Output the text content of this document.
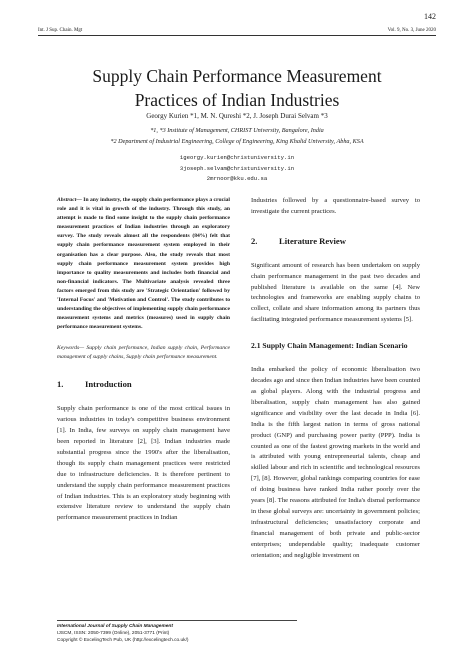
142
Int. J Sup. Chain. Mgt	Vol. 9, No. 3, June 2020
Supply Chain Performance Measurement
Practices of Indian Industries
Georgy Kurien *1, M. N. Qureshi *2, J. Joseph Durai Selvam *3
*1, *3 Institute of Management, CHRIST University, Bangalore, India
*2 Department of Industrial Engineering, College of Engineering, King Khalid University, Abha, KSA
1georgy.kurien@christuniversity.in
3joseph.selvam@christuniversity.in
2mrnoor@kku.edu.sa

Abstract— In any industry, the supply chain performance plays a crucial role and it is vital in growth of the industry. Through this study, an attempt is made to find some insight to the supply chain performance measurement practices of Indian industries through an exploratory survey. The study reveals almost all the respondents (84%) felt that supply chain performance measurement system employed in their organisation has a clear purpose. Also, the study reveals that most supply chain performance measurement system provides high importance to quality measurements and includes both financial and non-financial indicators. The Multivariate analysis revealed three factors emerged from this study are 'Strategic Orientation' followed by 'Internal Focus' and 'Motivation and Control'. The study contributes to understanding the objectives of implementing supply chain performance measurement systems and metrics (measures) used in supply chain performance measurement systems.

Keywords— Supply chain performance, Indian supply chain, Performance management of supply chains, Supply chain performance measurement.

1.	Introduction

Supply chain performance is one of the most critical issues in various industries in today's competitive business environment [1]. In India, few surveys on supply chain management have been reported in literature [2], [3]. Indian industries made substantial progress since the 1990's after the liberalisation, though its supply chain management practices were restricted due to infrastructure deficiencies. It is therefore pertinent to understand the supply chain performance measurement practices of Indian industries. This is an exploratory study beginning with extensive literature review to understand the supply chain performance measurement practices in Indian

Industries followed by a questionnaire-based survey to investigate the current practices.

2.	Literature Review

Significant amount of research has been undertaken on supply chain performance management in the past two decades and published literature is available on the same [4]. New technologies and frameworks are enabling supply chains to collect, collate and share information among its partners thus facilitating integrated performance measurement systems [5].

2.1 Supply Chain Management: Indian Scenario

India embarked the policy of economic liberalisation two decades ago and since then Indian industries have been counted as global players. Along with the industrial progress and liberalisation, supply chain management has also gained significance and visibility over the last decade in India [6]. India is the fifth largest nation in terms of gross national product (GNP) and purchasing power parity (PPP). India is counted as one of the fastest growing markets in the world and is attributed with young entrepreneurial talents, cheap and skilled labour and rich in scientific and technological resources [7], [8]. However, global rankings comparing countries for ease of doing business have ranked India rather poorly over the years [8]. The reasons attributed for India's dismal performance in these global surveys are: uncertainty in government policies; infrastructural deficiencies; unsatisfactory corporate and financial management of both private and public-sector enterprises; undependable quality; inadequate customer orientation; and negligible investment on

International Journal of Supply Chain Management
IJSCM, ISSN: 2050-7399 (Online), 2051-3771 (Print)
Copyright © ExcelingTech Pub, UK (http://excelingtech.co.uk/)
